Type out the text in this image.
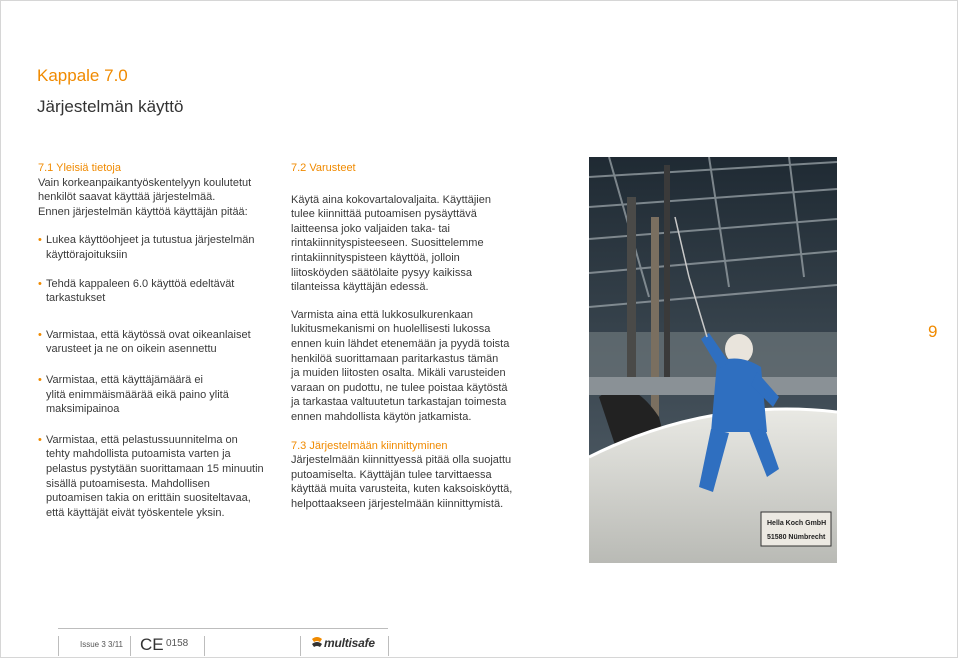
Kappale 7.0
Järjestelmän käyttö

7.1 Yleisiä tietoja

Vain korkeanpaikantyöskentelyyn koulutetut

henkilöt saavat käyttää järjestelmää.

Ennen järjestelmän käyttöä käyttäjän pitää:

• Lukea käyttöohjeet ja tutustua järjestelmän

käyttörajoituksiin

• Tehdä kappaleen 6.0 käyttöä edeltävät

tarkastukset

• Varmistaa, että käytössä ovat oikeanlaiset

varusteet ja ne on oikein asennettu

• Varmistaa, että käyttäjämäärä ei

ylitä enimmäismäärää eikä paino ylitä

maksimipainoa

• Varmistaa, että pelastussuunnitelma on

tehty mahdollista putoamista varten ja

pelastus pystytään suorittamaan 15 minuutin

sisällä putoamisesta. Mahdollisen

putoamisen takia on erittäin suositeltavaa,

että käyttäjät eivät työskentele yksin.

7.2 Varusteet

Käytä aina kokovartalovaljaita. Käyttäjien

tulee kiinnittää putoamisen pysäyttävä

laitteensa joko valjaiden taka- tai

rintakiinnityspisteeseen. Suosittelemme

rintakiinnityspisteen käyttöä, jolloin

liitosköyden säätölaite pysyy kaikissa

tilanteissa käyttäjän edessä.

Varmista aina että lukkosulkurenkaan

lukitusmekanismi on huolellisesti lukossa

ennen kuin lähdet etenemään ja pyydä toista

henkilöä suorittamaan paritarkastus tämän

ja muiden liitosten osalta. Mikäli varusteiden

varaan on pudottu, ne tulee poistaa käytöstä

ja tarkastaa valtuutetun tarkastajan toimesta

ennen mahdollista käytön jatkamista.

7.3 Järjestelmään kiinnittyminen

Järjestelmään kiinnittyessä pitää olla suojattu

putoamiselta. Käyttäjän tulee tarvittaessa

käyttää muita varusteita, kuten kaksoisköyttä,

helpottaakseen järjestelmään kiinnittymistä.

Hella Koch GmbH
51580 Nümbrecht
9
Issue 3 3/11 CE 0158	multisafe
